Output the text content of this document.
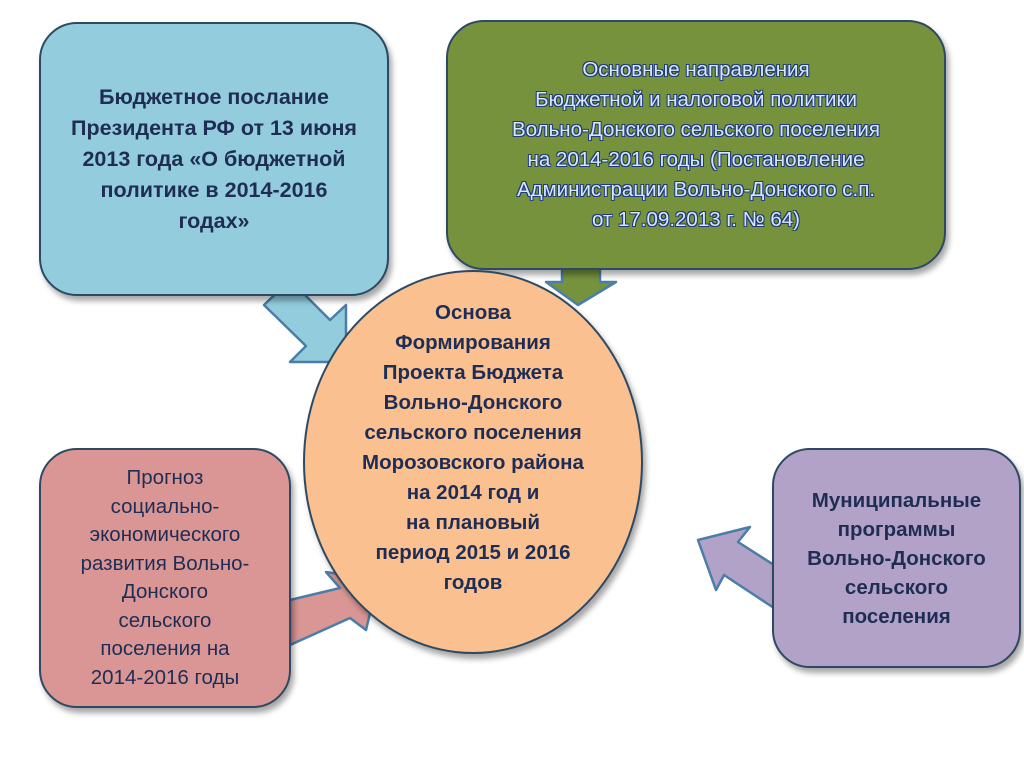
Бюджетное послание
Президента РФ от 13 июня
2013 года «О бюджетной
политике в 2014-2016
годах»
Основные направления
Бюджетной и налоговой политики
Вольно-Донского сельского поселения
на 2014-2016 годы (Постановление
Администрации Вольно-Донского с.п.
от 17.09.2013 г. № 64)
Основа
Формирования
Проекта Бюджета
Вольно-Донского
сельского поселения
Морозовского района
на 2014 год и
на плановый
период 2015 и 2016
годов
Прогноз
социально-
экономического
развития Вольно-
Донского
сельского
поселения на
2014-2016 годы
Муниципальные
программы
Вольно-Донского
сельского
поселения
